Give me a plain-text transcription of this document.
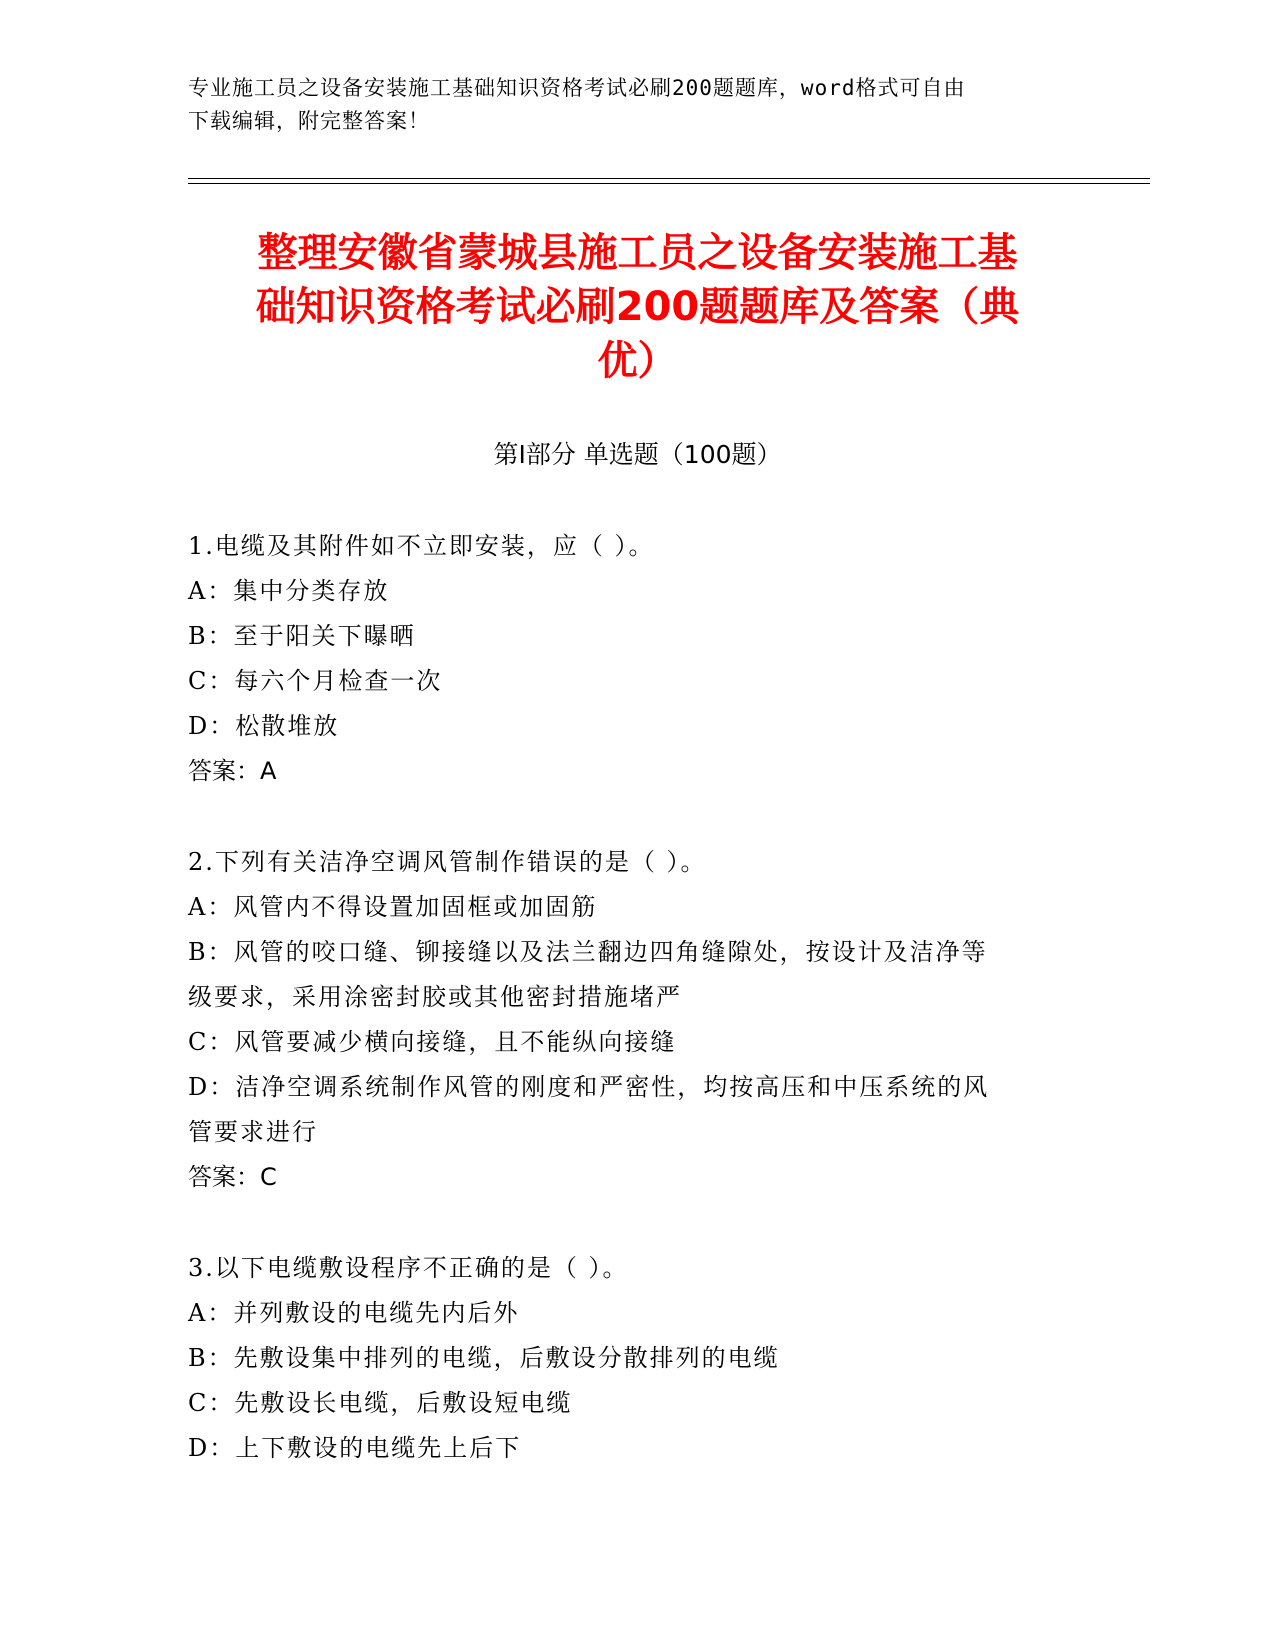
专业施工员之设备安装施工基础知识资格考试必刷200题题库，word格式可自由
下载编辑，附完整答案！
整理安徽省蒙城县施工员之设备安装施工基
础知识资格考试必刷200题题库及答案（典
优）
第Ⅰ部分 单选题（100题）
1.电缆及其附件如不立即安装，应（ ）。
A：集中分类存放
B：至于阳关下曝晒
C：每六个月检查一次
D：松散堆放
答案：A
2.下列有关洁净空调风管制作错误的是（ ）。
A：风管内不得设置加固框或加固筋
B：风管的咬口缝、铆接缝以及法兰翻边四角缝隙处，按设计及洁净等
级要求，采用涂密封胶或其他密封措施堵严
C：风管要减少横向接缝，且不能纵向接缝
D：洁净空调系统制作风管的刚度和严密性，均按高压和中压系统的风
管要求进行
答案：C
3.以下电缆敷设程序不正确的是（ ）。
A：并列敷设的电缆先内后外
B：先敷设集中排列的电缆，后敷设分散排列的电缆
C：先敷设长电缆，后敷设短电缆
D：上下敷设的电缆先上后下
